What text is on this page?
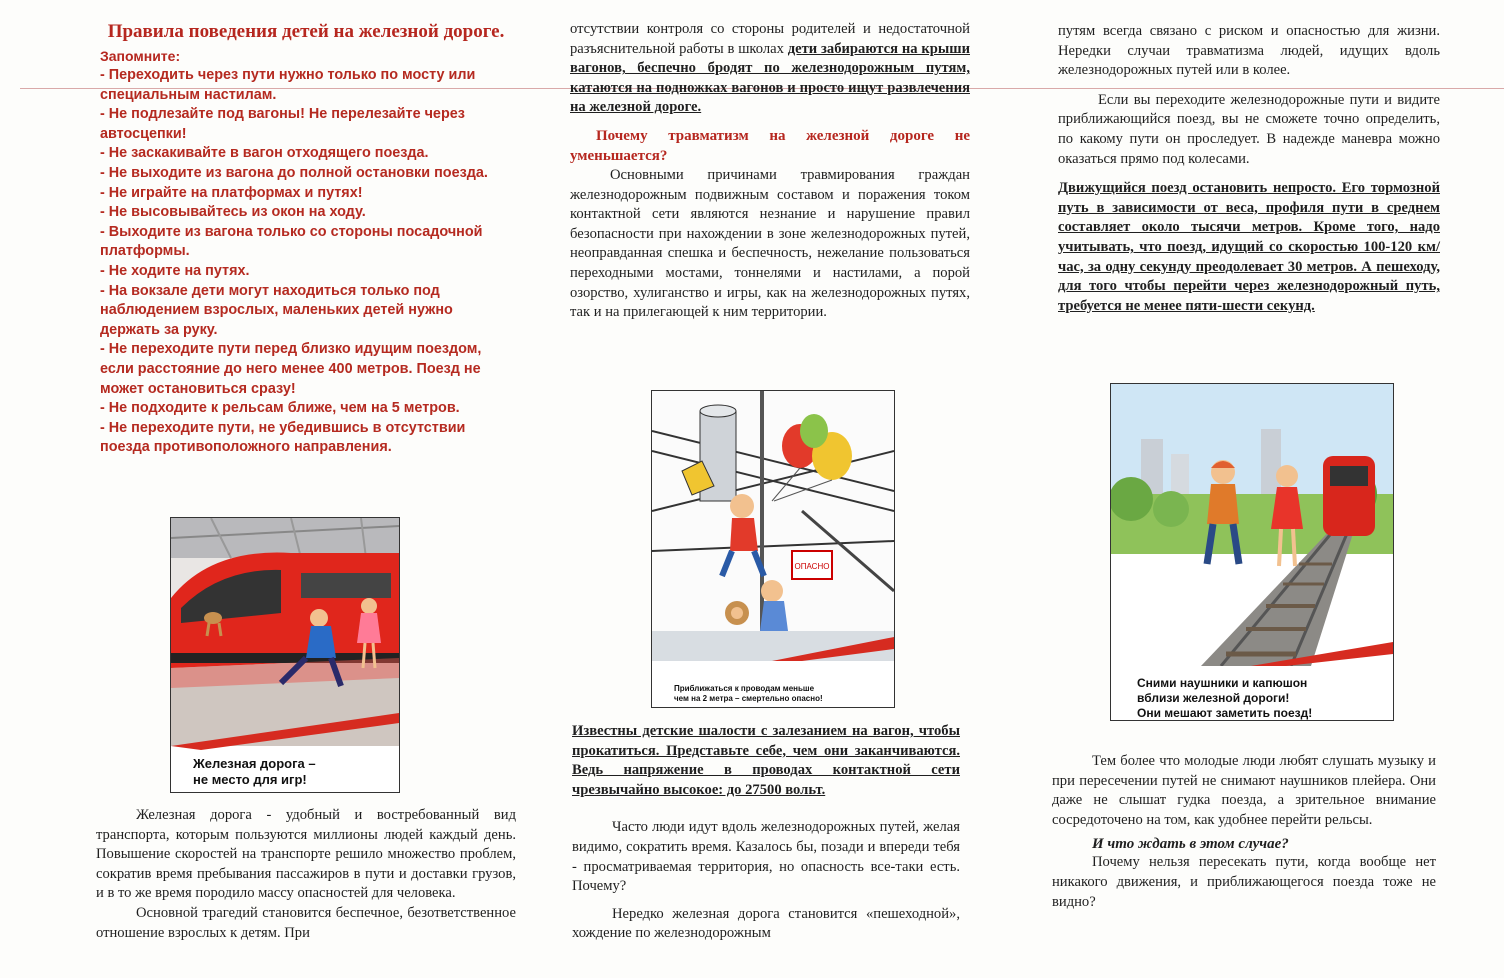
Правила поведения детей на железной дороге.
Запомните:
- Переходить через пути нужно только по мосту или специальным настилам.
- Не подлезайте под вагоны! Не перелезайте через автосцепки!
- Не заскакивайте в вагон отходящего поезда.
- Не выходите из вагона до полной остановки поезда.
- Не играйте на платформах и путях!
- Не высовывайтесь из окон на ходу.
- Выходите из вагона только со стороны посадочной платформы.
- Не ходите на путях.
- На вокзале дети могут находиться только под наблюдением взрослых, маленьких детей нужно держать за руку.
- Не переходите пути перед близко идущим поездом, если расстояние до него менее 400 метров. Поезд не может остановиться сразу!
- Не подходите к рельсам ближе, чем на 5 метров.
- Не переходите пути, не убедившись в отсутствии поезда противоположного направления.
Железная дорога –
не место для игр!

Железная дорога - удобный и востребованный вид транспорта, которым пользуются миллионы людей каждый день. Повышение скоростей на транспорте решило множество проблем, сократив время пребывания пассажиров в пути и доставки грузов, и в то же время породило массу опасностей для человека.

Основной трагедий становится беспечное, безответственное отношение взрослых к детям. При

отсутствии контроля со стороны родителей и недостаточной разъяснительной работы в школах дети забираются на крыши вагонов, беспечно бродят по железнодорожным путям, катаются на подножках вагонов и просто ищут развлечения на железной дороге.

Почему травматизм на железной дороге не уменьшается?

Основными причинами травмирования граждан железнодорожным подвижным составом и поражения током контактной сети являются незнание и нарушение правил безопасности при нахождении в зоне железнодорожных путей, неоправданная спешка и беспечность, нежелание пользоваться переходными мостами, тоннелями и настилами, а порой озорство, хулиганство и игры, как на железнодорожных путях, так и на прилегающей к ним территории.

ОПАСНО
Приближаться к проводам меньше
чем на 2 метра – смертельно опасно!

Известны детские шалости с залезанием на вагон, чтобы прокатиться. Представьте себе, чем они заканчиваются. Ведь напряжение в проводах контактной сети чрезвычайно высокое: до 27500 вольт.

Часто люди идут вдоль железнодорожных путей, желая видимо, сократить время. Казалось бы, позади и впереди тебя - просматриваемая территория, но опасность все-таки есть. Почему?

Нередко железная дорога становится «пешеходной», хождение по железнодорожным

путям всегда связано с риском и опасностью для жизни. Нередки случаи травматизма людей, идущих вдоль железнодорожных путей или в колее.

Если вы переходите железнодорожные пути и видите приближающийся поезд, вы не сможете точно определить, по какому пути он проследует. В надежде маневра можно оказаться прямо под колесами.

Движущийся поезд остановить непросто. Его тормозной путь в зависимости от веса, профиля пути в среднем составляет около тысячи метров. Кроме того, надо учитывать, что поезд, идущий со скоростью 100-120 км/час, за одну секунду преодолевает 30 метров. А пешеходу, для того чтобы перейти через железнодорожный путь, требуется не менее пяти-шести секунд.

Сними наушники и капюшон
вблизи железной дороги!
Они мешают заметить поезд!

Тем более что молодые люди любят слушать музыку и при пересечении путей не снимают наушников плейера. Они даже не слышат гудка поезда, а зрительное внимание сосредоточено на том, как удобнее перейти рельсы.

И что ждать в этом случае?

Почему нельзя пересекать пути, когда вообще нет никакого движения, и приближающегося поезда тоже не видно?
